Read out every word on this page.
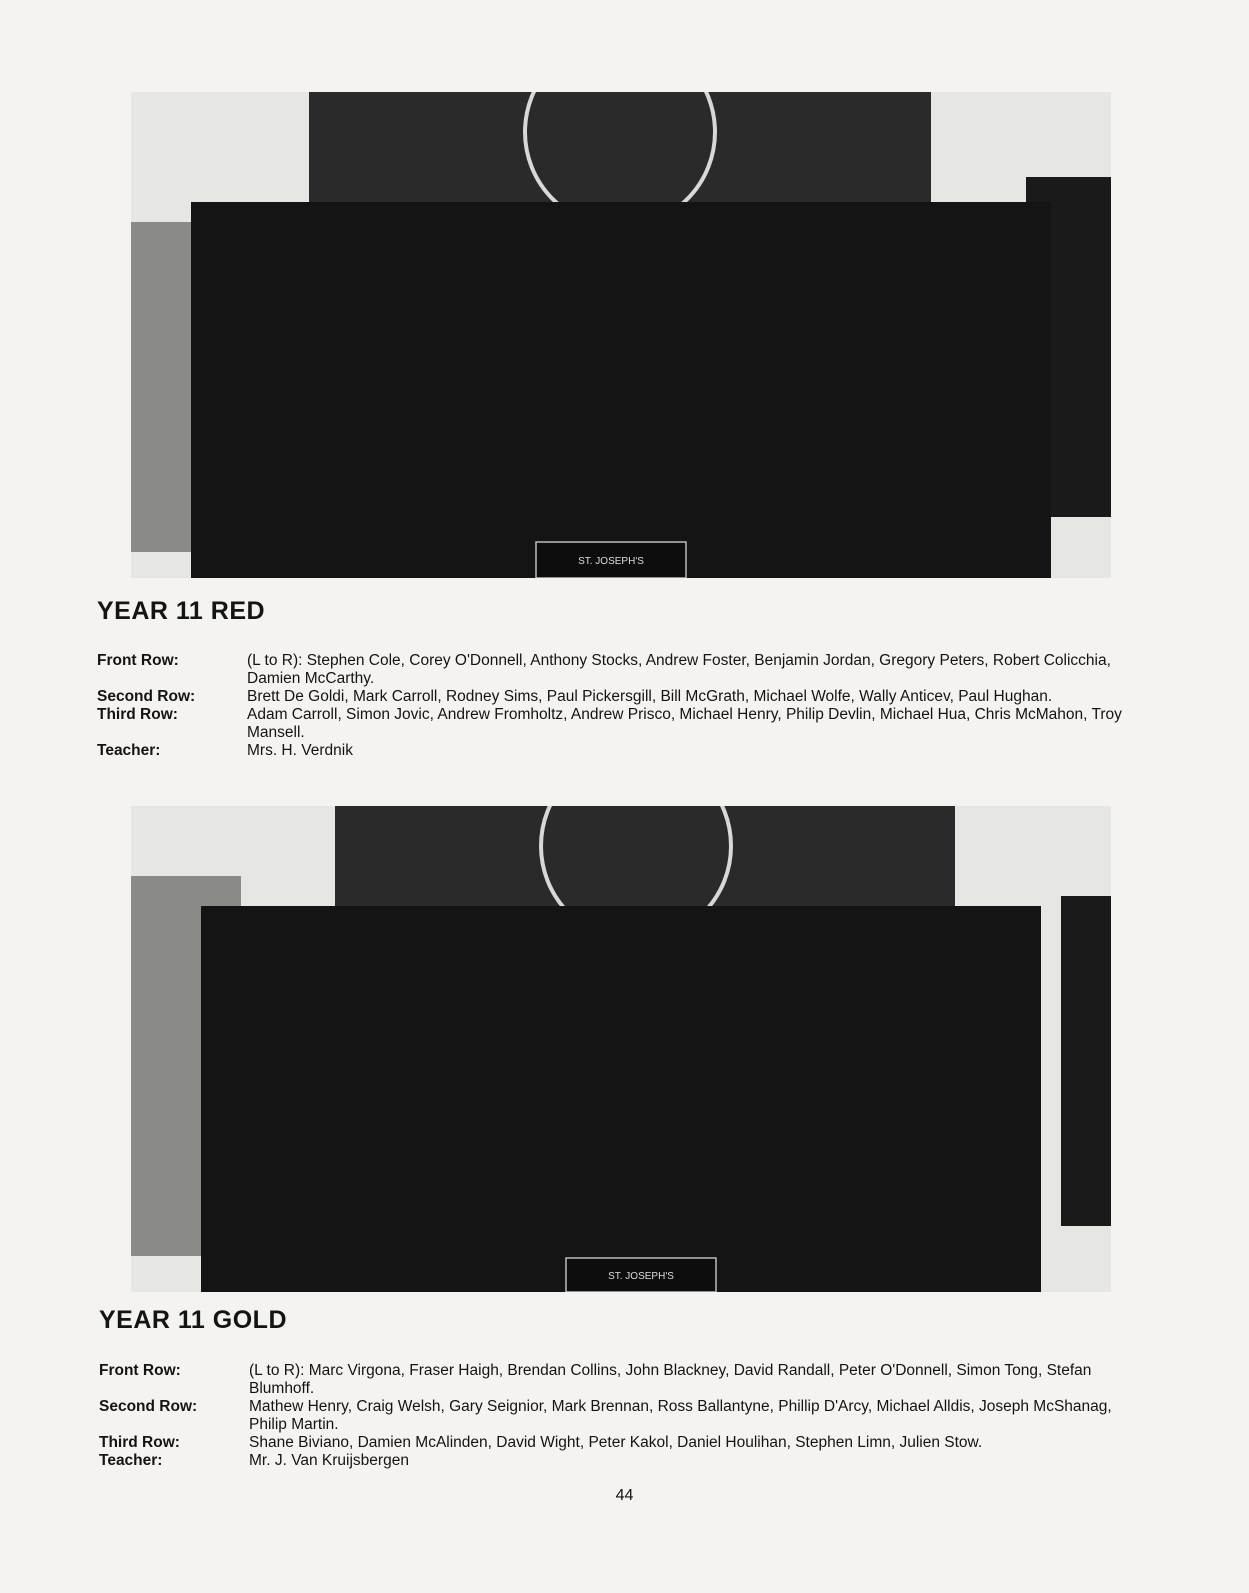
ST. JOSEPH'S
YEAR 11 RED
Front Row:	(L to R): Stephen Cole, Corey O'Donnell, Anthony Stocks, Andrew Foster, Benjamin Jordan, Gregory Peters, Robert Colicchia, Damien McCarthy.
Second Row:	Brett De Goldi, Mark Carroll, Rodney Sims, Paul Pickersgill, Bill McGrath, Michael Wolfe, Wally Anticev, Paul Hughan.
Third Row:	Adam Carroll, Simon Jovic, Andrew Fromholtz, Andrew Prisco, Michael Henry, Philip Devlin, Michael Hua, Chris McMahon, Troy Mansell.
Teacher:	Mrs. H. Verdnik
ST. JOSEPH'S
YEAR 11 GOLD
Front Row:	(L to R): Marc Virgona, Fraser Haigh, Brendan Collins, John Blackney, David Randall, Peter O'Donnell, Simon Tong, Stefan Blumhoff.
Second Row:	Mathew Henry, Craig Welsh, Gary Seignior, Mark Brennan, Ross Ballantyne, Phillip D'Arcy, Michael Alldis, Joseph McShanag, Philip Martin.
Third Row:	Shane Biviano, Damien McAlinden, David Wight, Peter Kakol, Daniel Houlihan, Stephen Limn, Julien Stow.
Teacher:	Mr. J. Van Kruijsbergen
44
